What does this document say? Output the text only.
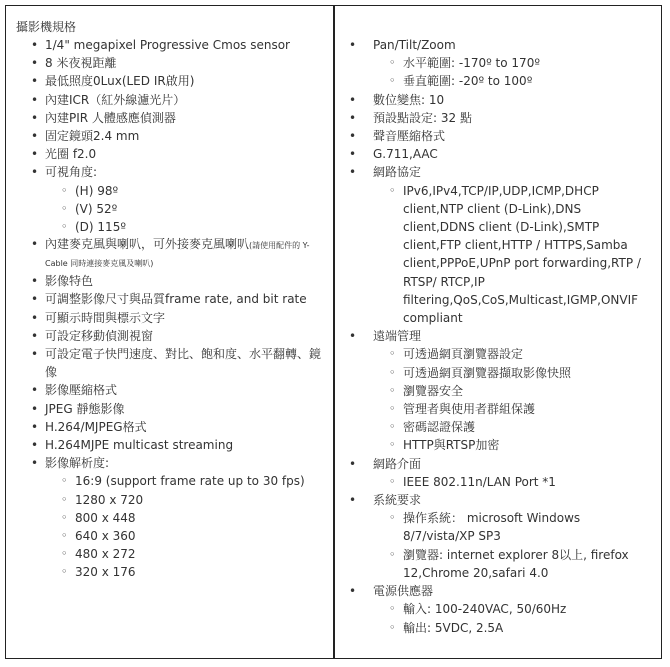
攝影機規格
• 1/4" megapixel Progressive Cmos sensor
• 8 米夜視距離
• 最低照度0Lux(LED IR啟用)
• 內建ICR（紅外線濾光片）
• 內建PIR 人體感應偵測器
• 固定鏡頭2.4 mm
• 光圈 f2.0
• 可視角度:
◦ (H) 98º
◦ (V) 52º
◦ (D) 115º
• 內建麥克風與喇叭，可外接麥克風喇叭(請使用配件的 Y-Cable 同時連接麥克風及喇叭)
• 影像特色
• 可調整影像尺寸與品質frame rate, and bit rate
• 可顯示時間與標示文字
• 可設定移動偵測視窗
• 可設定電子快門速度、對比、飽和度、水平翻轉、鏡像
• 影像壓縮格式
• JPEG 靜態影像
• H.264/MJPEG格式
• H.264MJPE multicast streaming
• 影像解析度:
◦ 16:9 (support frame rate up to 30 fps)
◦ 1280 x 720
◦ 800 x 448
◦ 640 x 360
◦ 480 x 272
◦ 320 x 176
• Pan/Tilt/Zoom
◦ 水平範圍: -170º to 170º
◦ 垂直範圍: -20º to 100º
• 數位變焦: 10
• 預設點設定: 32 點
• 聲音壓縮格式
• G.711,AAC
• 網路協定
◦ IPv6,IPv4,TCP/IP,UDP,ICMP,DHCP client,NTP client (D-Link),DNS client,DDNS client (D-Link),SMTP client,FTP client,HTTP / HTTPS,Samba client,PPPoE,UPnP port forwarding,RTP / RTSP/ RTCP,IP filtering,QoS,CoS,Multicast,IGMP,ONVIF compliant
• 遠端管理
◦ 可透過網頁瀏覽器設定
◦ 可透過網頁瀏覽器擷取影像快照
◦ 瀏覽器安全
◦ 管理者與使用者群組保護
◦ 密碼認證保護
◦ HTTP與RTSP加密
• 網路介面
◦ IEEE 802.11n/LAN Port *1
• 系統要求
◦ 操作系統： microsoft Windows 8/7/vista/XP SP3
◦ 瀏覽器: internet explorer 8以上, firefox 12,Chrome 20,safari 4.0
• 電源供應器
◦ 輸入: 100-240VAC, 50/60Hz
◦ 輸出: 5VDC, 2.5A
